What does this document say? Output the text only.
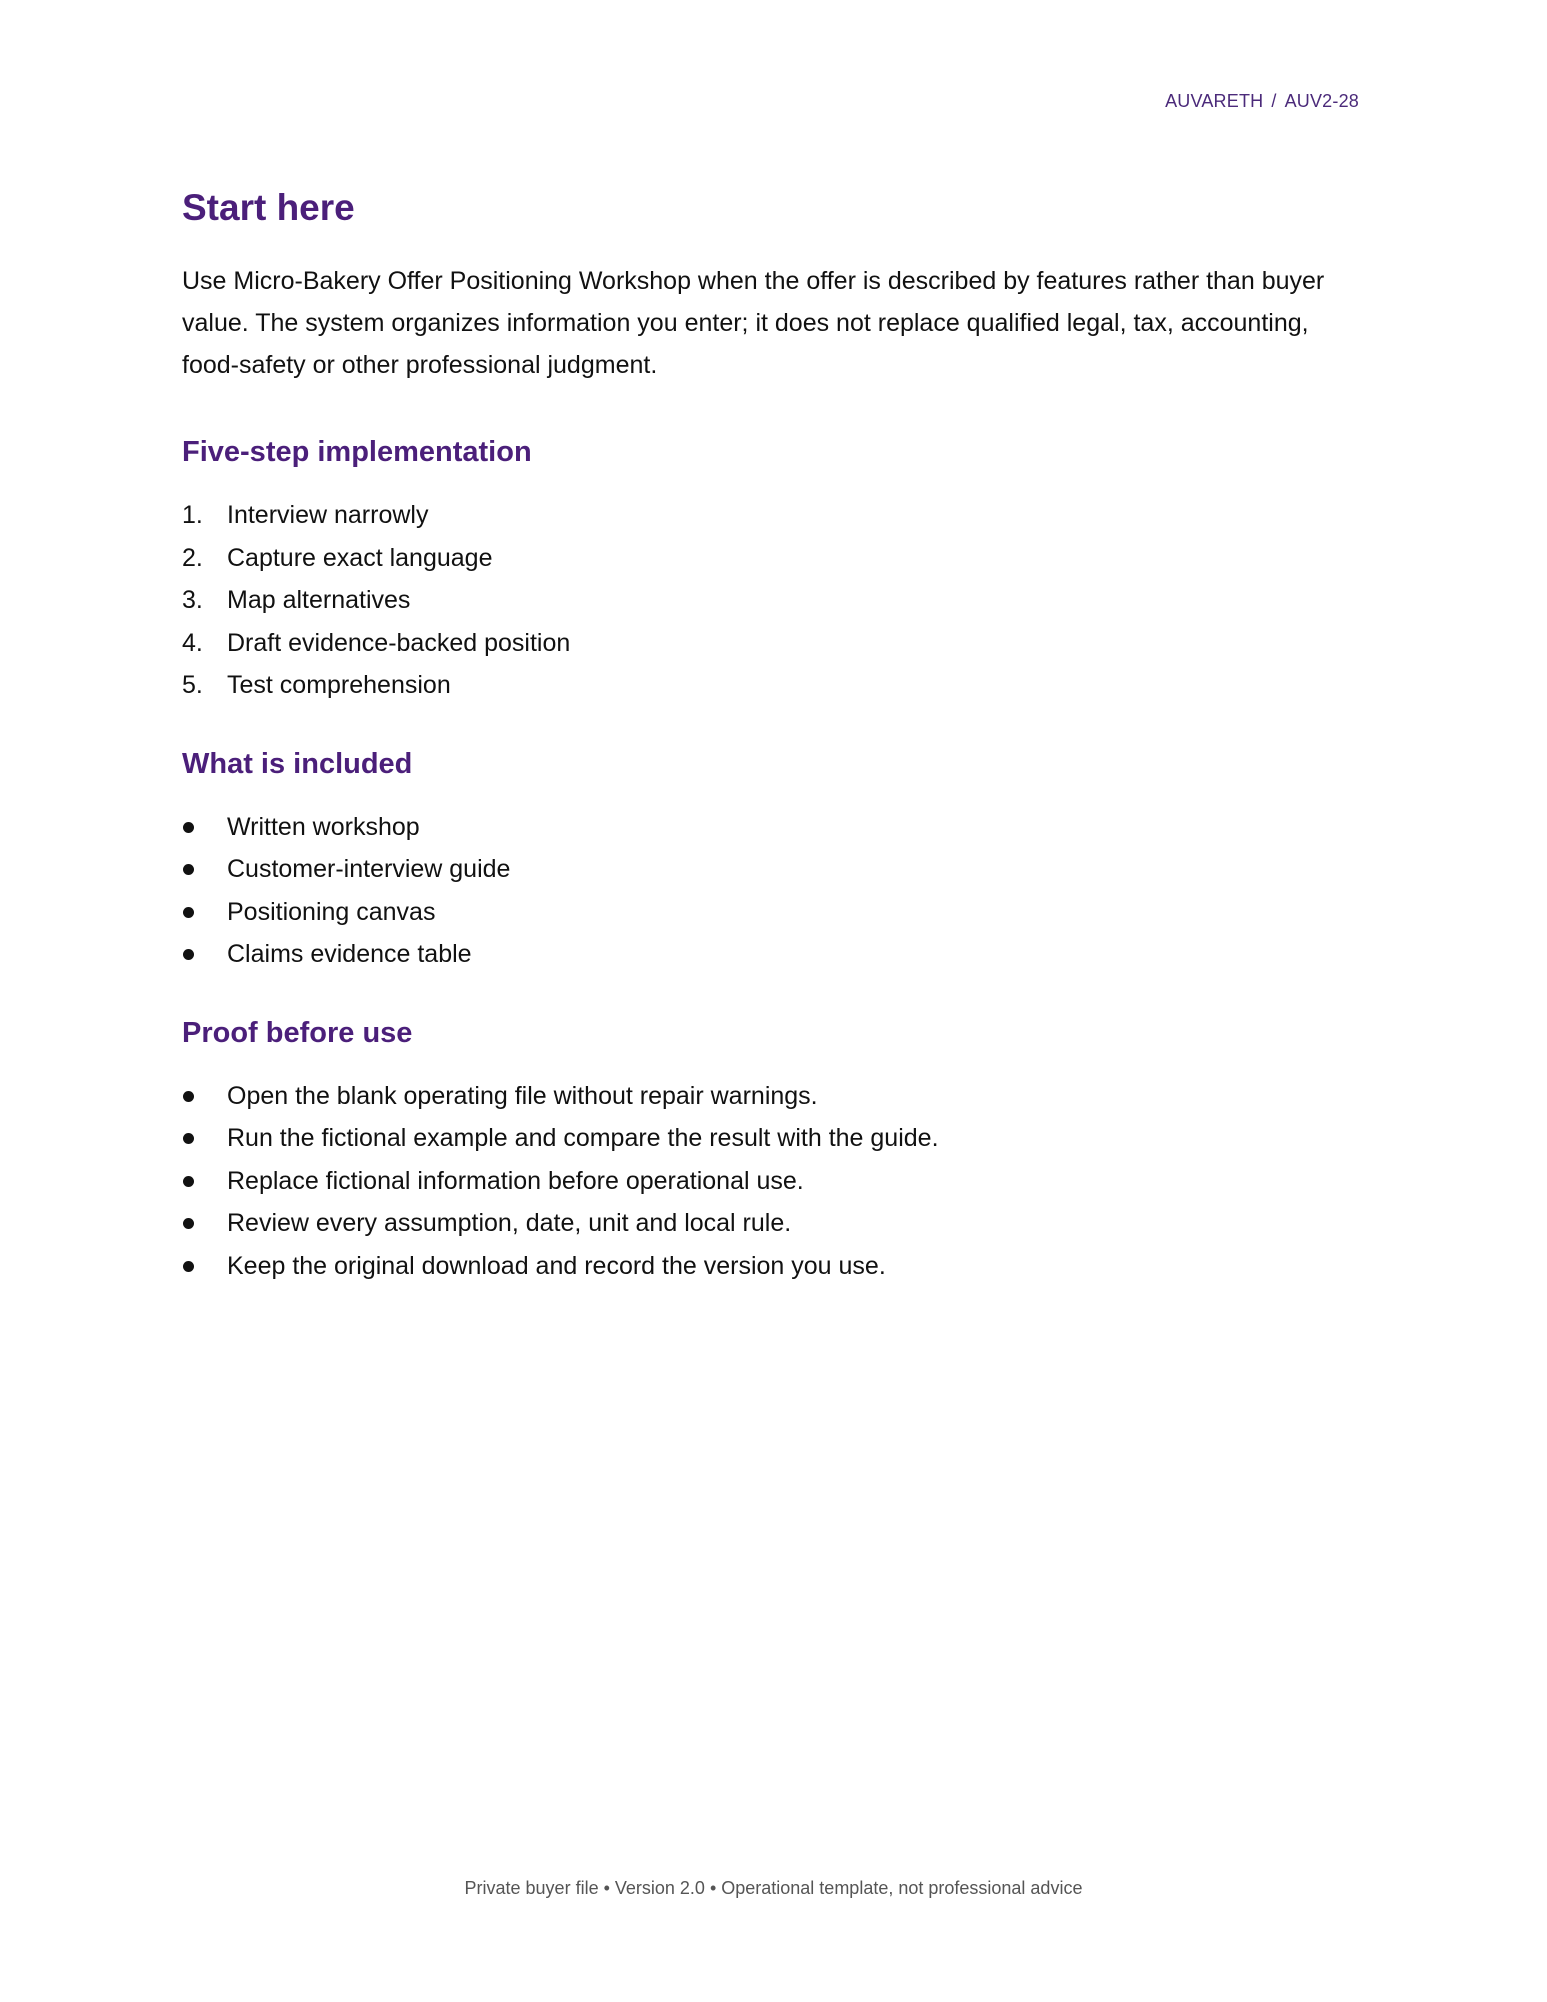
AUVARETH / AUV2-28
Start here

Use Micro-Bakery Offer Positioning Workshop when the offer is described by features rather than buyer value. The system organizes information you enter; it does not replace qualified legal, tax, accounting, food-safety or other professional judgment.

Five-step implementation
1. Interview narrowly
2. Capture exact language
3. Map alternatives
4. Draft evidence-backed position
5. Test comprehension
What is included
Written workshop
Customer-interview guide
Positioning canvas
Claims evidence table
Proof before use
Open the blank operating file without repair warnings.
Run the fictional example and compare the result with the guide.
Replace fictional information before operational use.
Review every assumption, date, unit and local rule.
Keep the original download and record the version you use.
Private buyer file • Version 2.0 • Operational template, not professional advice
